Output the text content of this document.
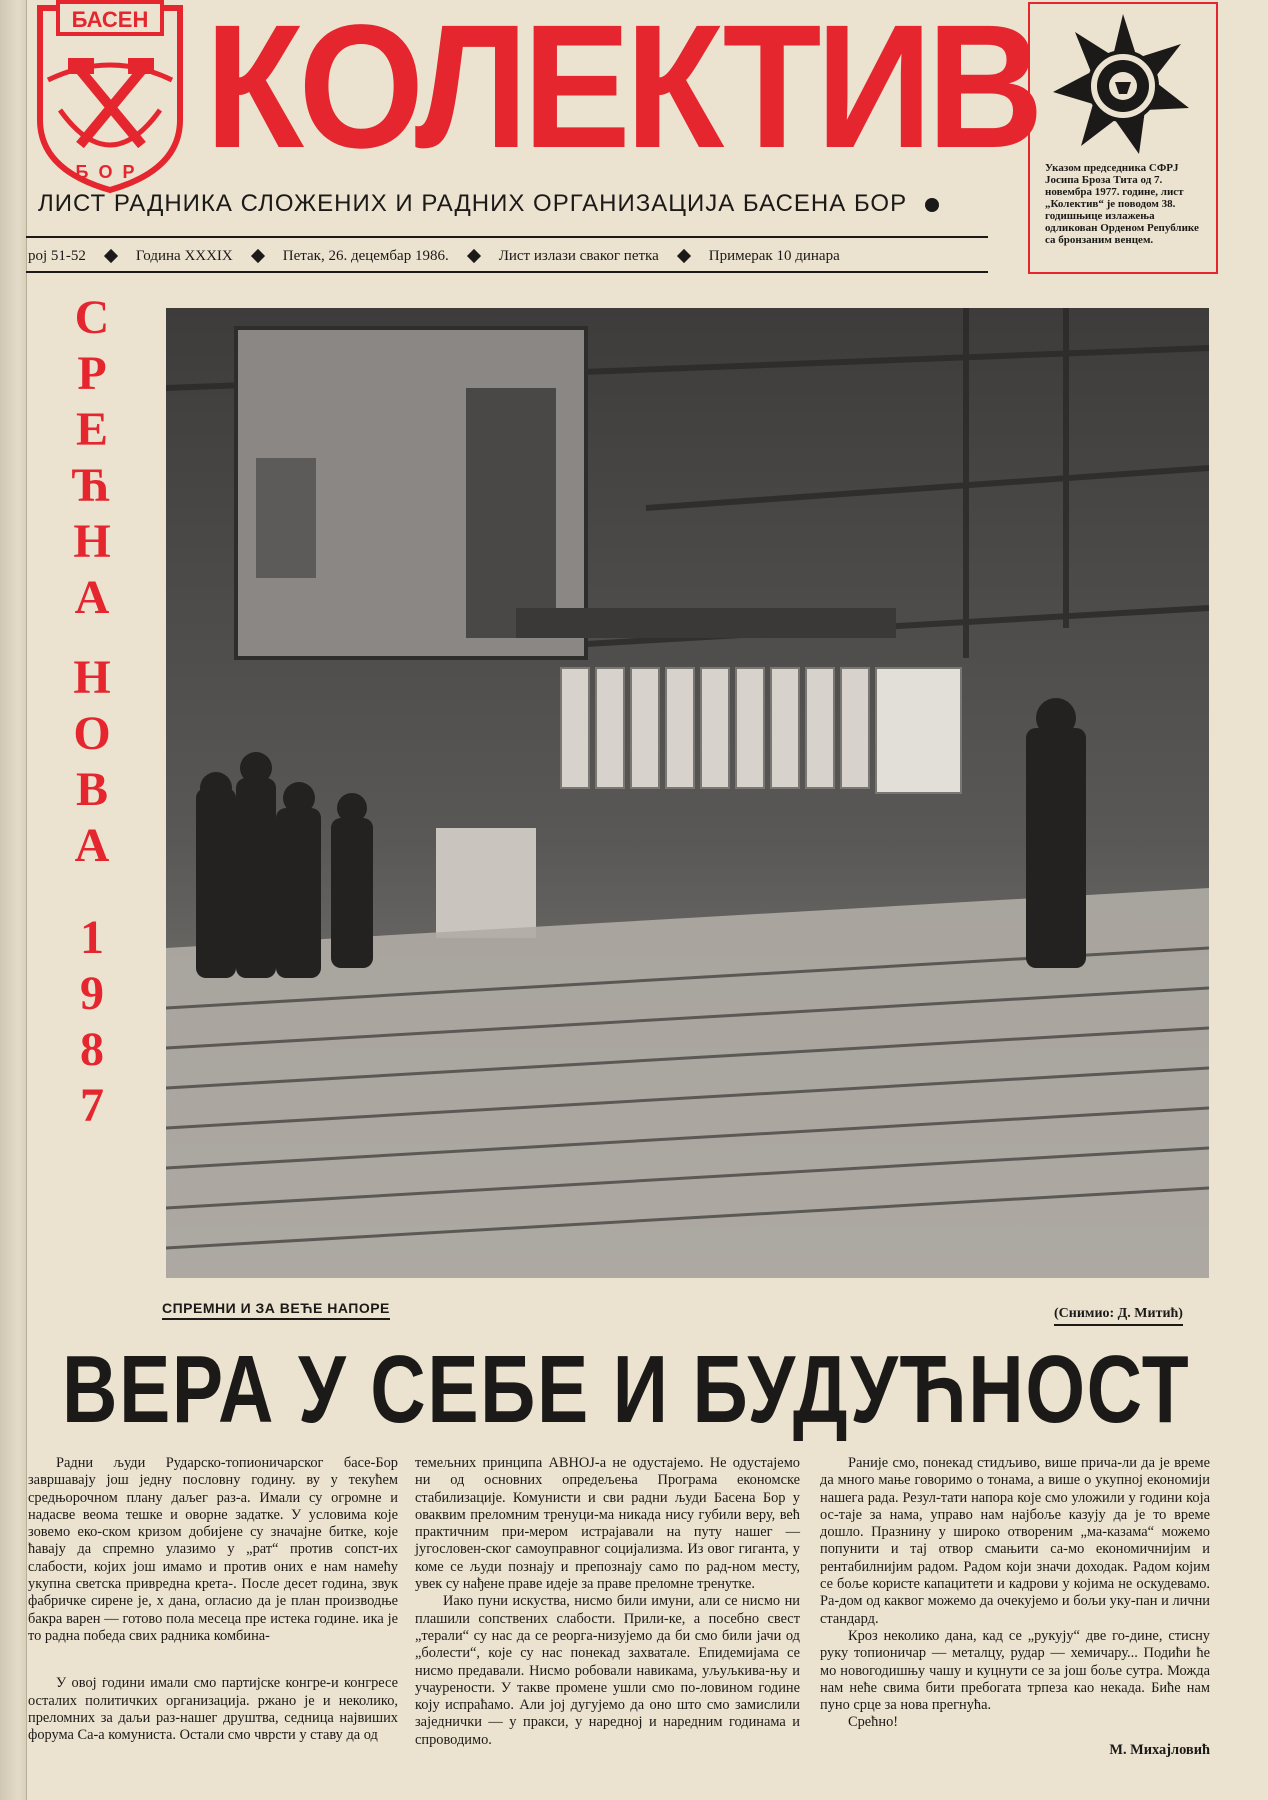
БАСЕН
БОР КОЛЕКТИВ
ЛИСТ РАДНИКА СЛОЖЕНИХ И РАДНИХ ОРГАНИЗАЦИЈА БАСЕНА БОР
рој 51-52	Година XXXIX	Петак, 26. децембар 1986.	Лист излази сваког петка	Примерак 10 динара
Указом председника СФРЈ Јосипа Броза Тита од 7. новембра 1977. године, лист „Колектив“ је поводом 38. годишњице излажења одликован Орденом Републике са бронзаним венцем.
С
Р
Е
Ћ
Н
А
Н
О
В
А
1
9
8
7
СПРЕМНИ И ЗА ВЕЋЕ НАПОРЕ	(Снимио: Д. Митић)
ВЕРА У СЕБЕ И БУДУЋНОСТ

Радни људи Рударско-топионичарског басе-Бор завршавају још једну пословну годину. ву у текућем средњорочном плану даљег раз-а. Имали су огромне и надасве веома тешке и оворне задатке. У условима које зовемо еко-ском кризом добијене су значајне битке, које ћавају да спремно улазимо у „рат“ против сопст-их слабости, којих још имамо и против оних е нам намећу укупна светска привредна крета-. После десет година, звук фабричке сирене је, х дана, огласио да је план производње бакра варен — готово пола месеца пре истека године. ика је то радна победа свих радника комбина-

У овој години имали смо партијске конгре-и конгресе осталих политичких организација. ржано је и неколико, преломних за даљи раз-нашег друштва, седница највиших форума Са-а комуниста. Остали смо чврсти у ставу да од

темељних принципа АВНОЈ-а не одустајемо. Не одустајемо ни од основних опредељења Програма економске стабилизације. Комунисти и сви радни људи Басена Бор у оваквим преломним тренуци-ма никада нису губили веру, већ практичним при-мером истрајавали на путу нашег — југословен-ског самоуправног социјализма. Из овог гиганта, у коме се људи познају и препознају само по рад-ном месту, увек су нађене праве идеје за праве преломне тренутке.

Иако пуни искуства, нисмо били имуни, али се нисмо ни плашили сопствених слабости. Прили-ке, а посебно свест „терали“ су нас да се реорга-низујемо да би смо били јачи од „болести“, које су нас понекад захватале. Епидемијама се нисмо предавали. Нисмо робовали навикама, уљуљкива-њу и учаурености. У такве промене ушли смо по-ловином године коју испраћамо. Али јој дугујемо да оно што смо замислили заједнички — у пракси, у наредној и наредним годинама и спроводимо.

Раније смо, понекад стидљиво, више прича-ли да је време да много мање говоримо о тонама, а више о укупној економији нашега рада. Резул-тати напора које смо уложили у години која ос-таје за нама, управо нам најбоље казују да је то време дошло. Празнину у широко отвореним „ма-казама“ можемо попунити и тај отвор смањити са-мо економичнијим и рентабилнијим радом. Радом који значи доходак. Радом којим се боље користе капацитети и кадрови у којима не оскудевамо. Ра-дом од каквог можемо да очекујемо и бољи уку-пан и лични стандард.

Кроз неколико дана, кад се „рукују“ две го-дине, стисну руку топионичар — металцу, рудар — хемичару... Подићи ће мо новогодишњу чашу и куцнути се за још боље сутра. Можда нам неће свима бити пребогата трпеза као некада. Биће нам пуно срце за нова прегнућа.

Срећно!

М. Михајловић
